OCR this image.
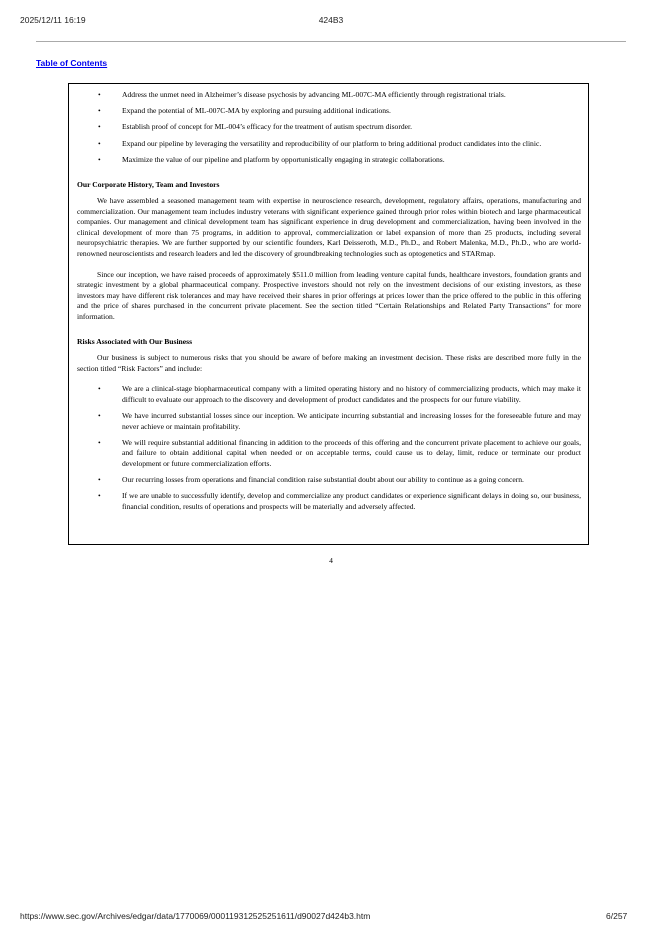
2025/12/11 16:19	424B3
Table of Contents
•	Address the unmet need in Alzheimer’s disease psychosis by advancing ML-007C-MA efficiently through registrational trials.
•	Expand the potential of ML-007C-MA by exploring and pursuing additional indications.
•	Establish proof of concept for ML-004’s efficacy for the treatment of autism spectrum disorder.
•	Expand our pipeline by leveraging the versatility and reproducibility of our platform to bring additional product candidates into the clinic.
•	Maximize the value of our pipeline and platform by opportunistically engaging in strategic collaborations.
Our Corporate History, Team and Investors

We have assembled a seasoned management team with expertise in neuroscience research, development, regulatory affairs, operations, manufacturing and commercialization. Our management team includes industry veterans with significant experience gained through prior roles within biotech and large pharmaceutical companies. Our management and clinical development team has significant experience in drug development and commercialization, having been involved in the clinical development of more than 75 programs, in addition to approval, commercialization or label expansion of more than 25 products, including several neuropsychiatric therapies. We are further supported by our scientific founders, Karl Deisseroth, M.D., Ph.D., and Robert Malenka, M.D., Ph.D., who are world-renowned neuroscientists and research leaders and led the discovery of groundbreaking technologies such as optogenetics and STARmap.

Since our inception, we have raised proceeds of approximately $511.0 million from leading venture capital funds, healthcare investors, foundation grants and strategic investment by a global pharmaceutical company. Prospective investors should not rely on the investment decisions of our existing investors, as these investors may have different risk tolerances and may have received their shares in prior offerings at prices lower than the price offered to the public in this offering and the price of shares purchased in the concurrent private placement. See the section titled “Certain Relationships and Related Party Transactions” for more information.

Risks Associated with Our Business

Our business is subject to numerous risks that you should be aware of before making an investment decision. These risks are described more fully in the section titled “Risk Factors” and include:

•	We are a clinical-stage biopharmaceutical company with a limited operating history and no history of commercializing products, which may make it difficult to evaluate our approach to the discovery and development of product candidates and the prospects for our future viability.
•	We have incurred substantial losses since our inception. We anticipate incurring substantial and increasing losses for the foreseeable future and may never achieve or maintain profitability.
•	We will require substantial additional financing in addition to the proceeds of this offering and the concurrent private placement to achieve our goals, and failure to obtain additional capital when needed or on acceptable terms, could cause us to delay, limit, reduce or terminate our product development or future commercialization efforts.
•	Our recurring losses from operations and financial condition raise substantial doubt about our ability to continue as a going concern.
•	If we are unable to successfully identify, develop and commercialize any product candidates or experience significant delays in doing so, our business, financial condition, results of operations and prospects will be materially and adversely affected.
4
https://www.sec.gov/Archives/edgar/data/1770069/000119312525251611/d90027d424b3.htm	6/257
